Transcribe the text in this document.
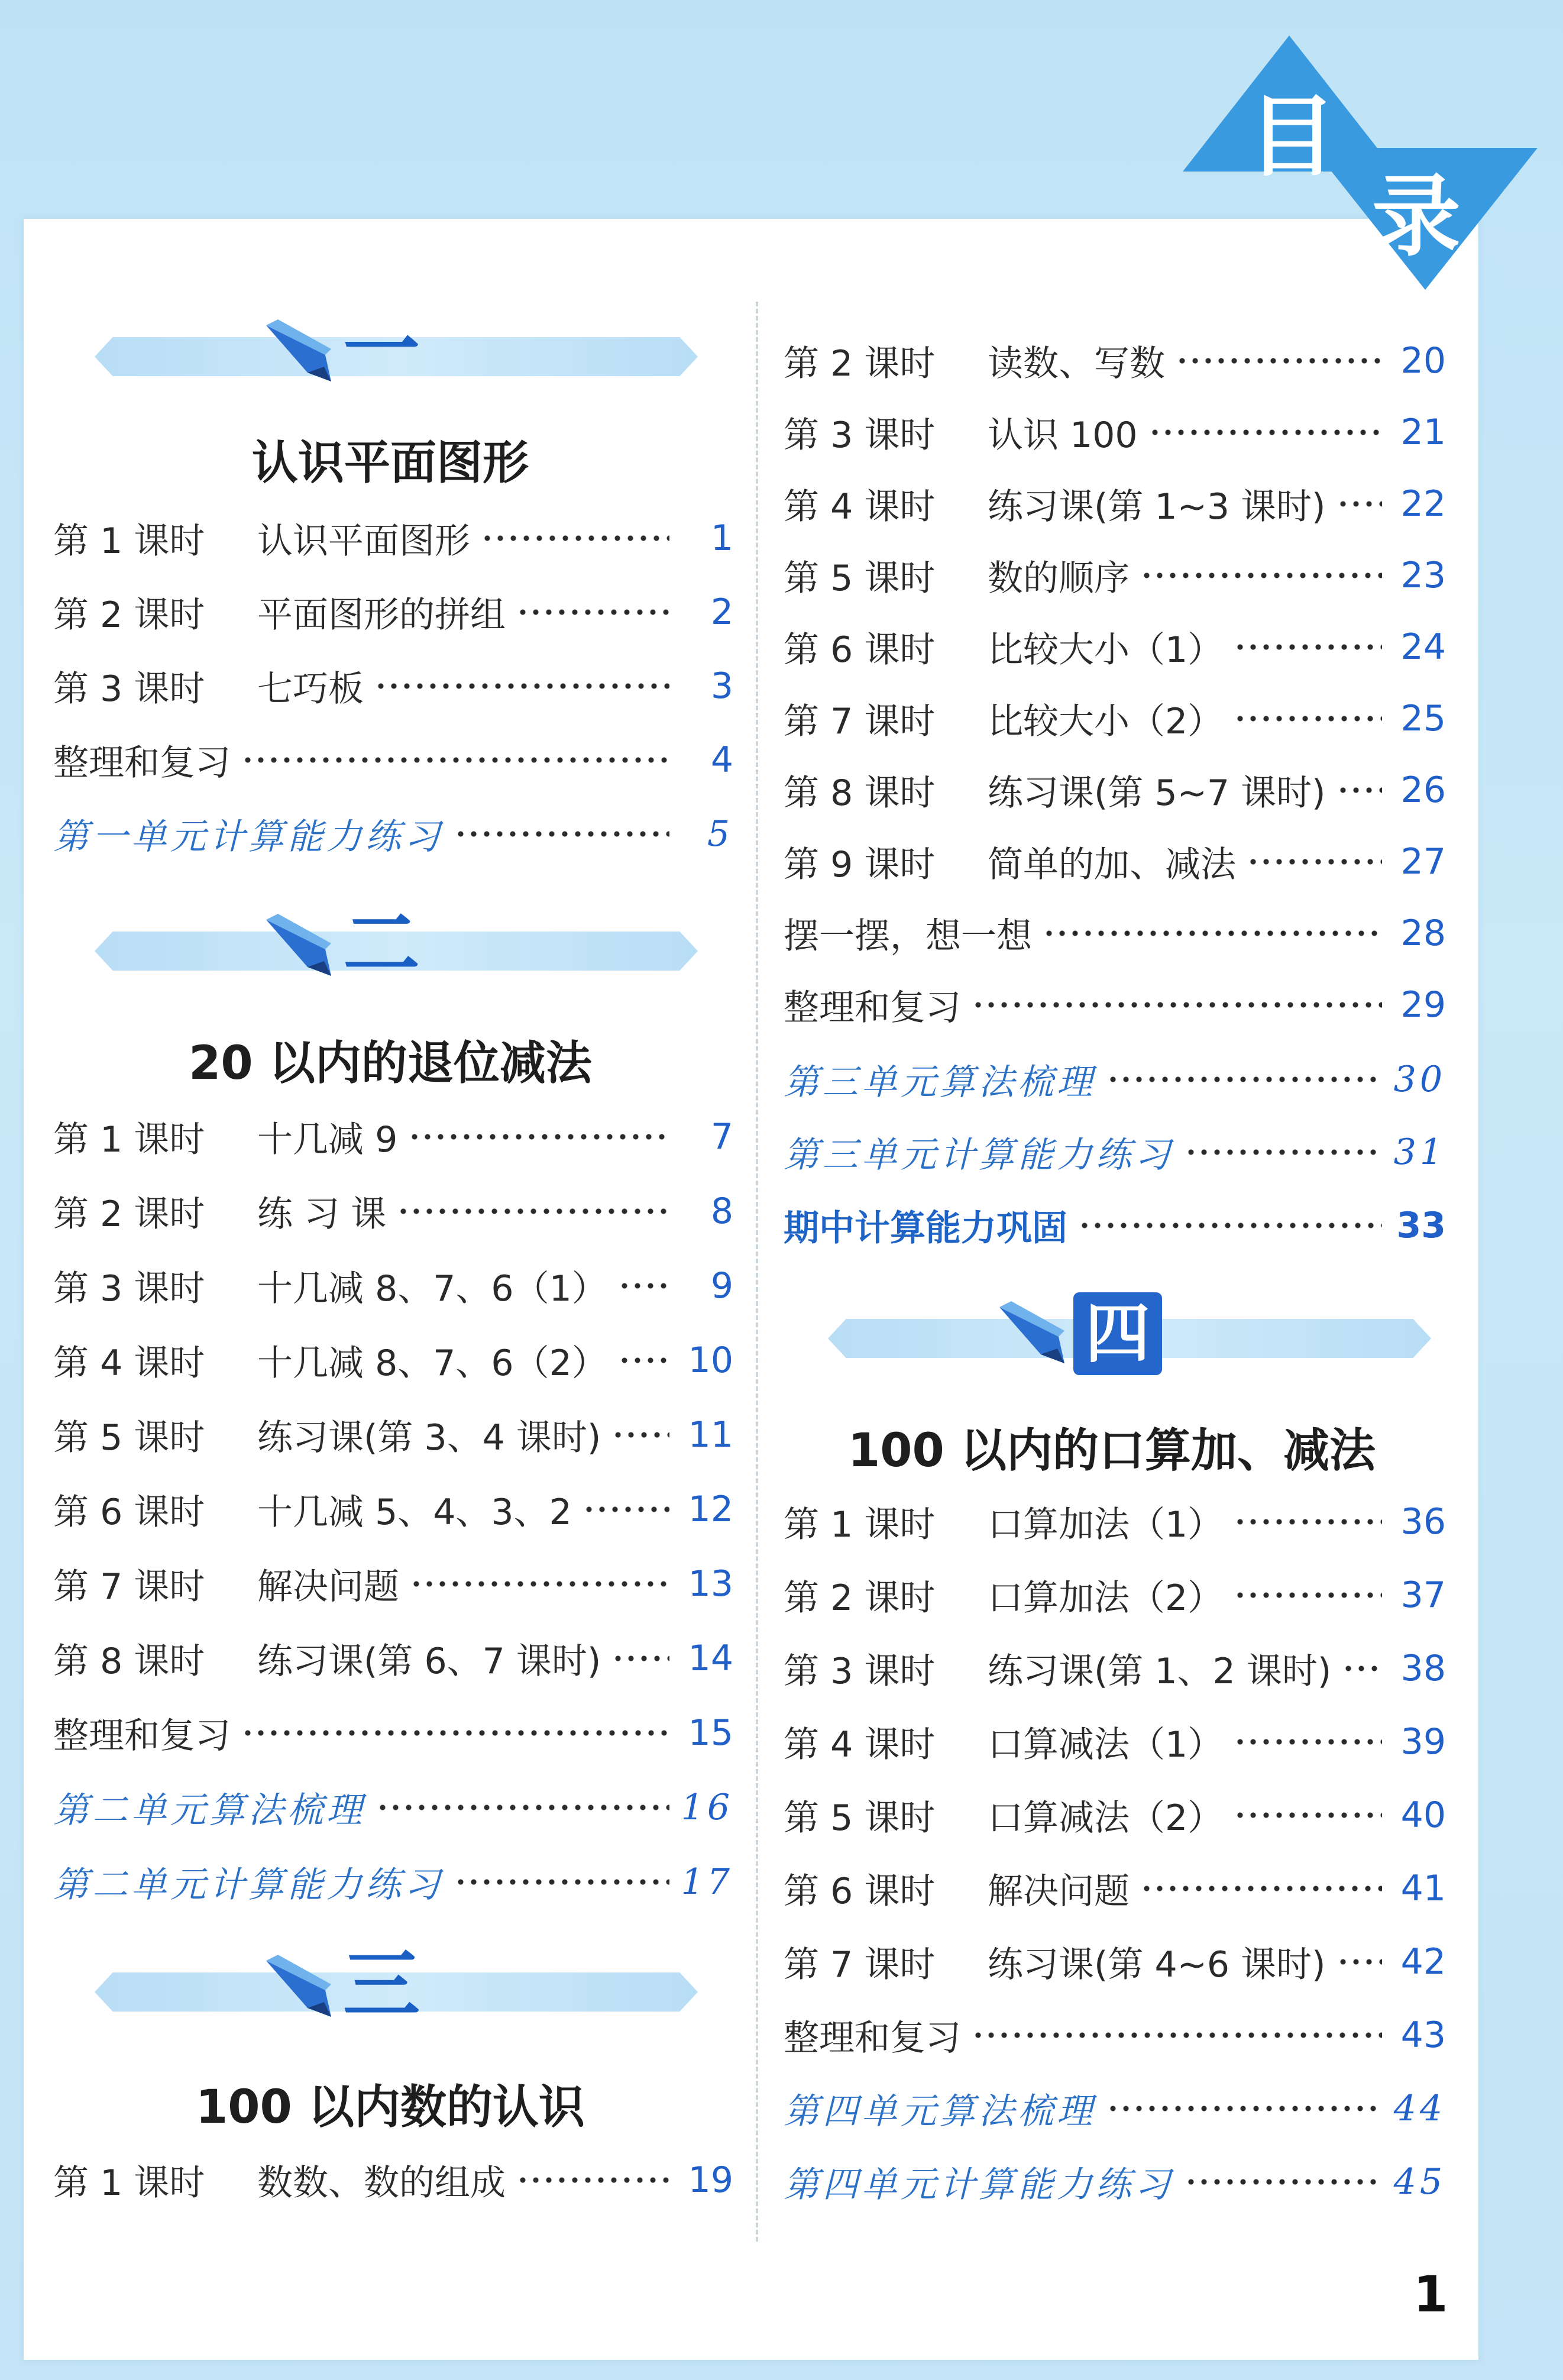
目
录
一
认识平面图形
第 1 课时	认识平面图形	1
第 2 课时	平面图形的拼组	2
第 3 课时	七巧板	3
整理和复习	4
第一单元计算能力练习	5
二
20 以内的退位减法
第 1 课时	十几减 9	7
第 2 课时	练 习 课	8
第 3 课时	十几减 8、7、6（1）	9
第 4 课时	十几减 8、7、6（2） 10
第 5 课时	练习课(第 3、4 课时) 11
第 6 课时	十几减 5、4、3、2	12
第 7 课时	解决问题	13
第 8 课时	练习课(第 6、7 课时) 14
整理和复习	15
第二单元算法梳理	16
第二单元计算能力练习	17
三
100 以内数的认识
第 1 课时	数数、数的组成	19
第 2 课时	读数、写数	20
第 3 课时	认识 100	21
第 4 课时	练习课(第 1~3 课时) 22
第 5 课时	数的顺序	23
第 6 课时	比较大小（1）	24
第 7 课时	比较大小（2）	25
第 8 课时	练习课(第 5~7 课时) 26
第 9 课时	简单的加、减法	27
摆一摆，想一想	28
整理和复习	29
第三单元算法梳理	30
第三单元计算能力练习	31
期中计算能力巩固	33
四
100 以内的口算加、减法
第 1 课时	口算加法（1）	36
第 2 课时	口算加法（2）	37
第 3 课时	练习课(第 1、2 课时) 38
第 4 课时	口算减法（1）	39
第 5 课时	口算减法（2）	40
第 6 课时	解决问题	41
第 7 课时	练习课(第 4~6 课时) 42
整理和复习	43
第四单元算法梳理	44
第四单元计算能力练习	45
1
